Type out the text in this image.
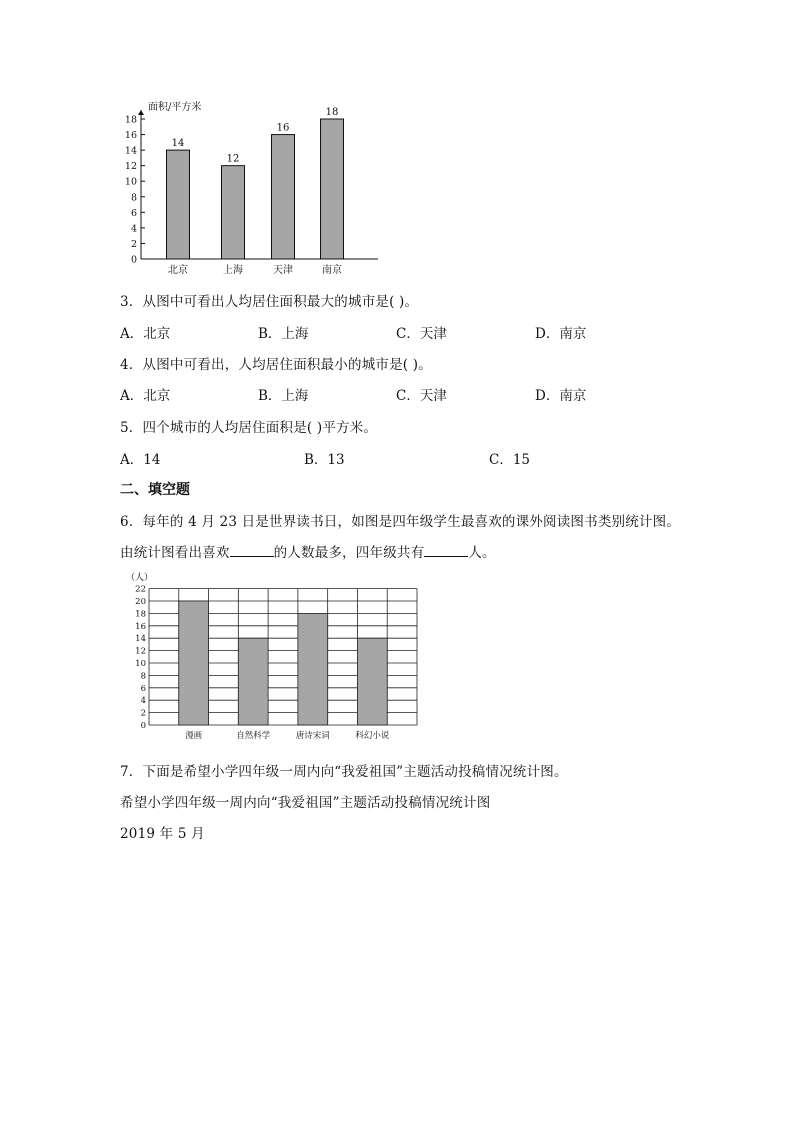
面积/平方米
0
2
4
6
8
10
12
14
16
18
14
北京
12
上海
16
天津
18
南京
3．从图中可看出人均居住面积最大的城市是( )。
A．北京	B．上海	C．天津	D．南京
4．从图中可看出，人均居住面积最小的城市是( )。
A．北京	B．上海	C．天津	D．南京
5．四个城市的人均居住面积是( )平方米。
A．14	B．13	C．15
二、填空题
6．每年的 4 月 23 日是世界读书日，如图是四年级学生最喜欢的课外阅读图书类别统计图。
由统计图看出喜欢	的人数最多，四年级共有	人。
0
2
4
6
8
10
12
14
16
18
20
22
漫画	自然科学	唐诗宋词	科幻小说
（人）
7．下面是希望小学四年级一周内向“我爱祖国”主题活动投稿情况统计图。
希望小学四年级一周内向“我爱祖国”主题活动投稿情况统计图
2019 年 5 月
